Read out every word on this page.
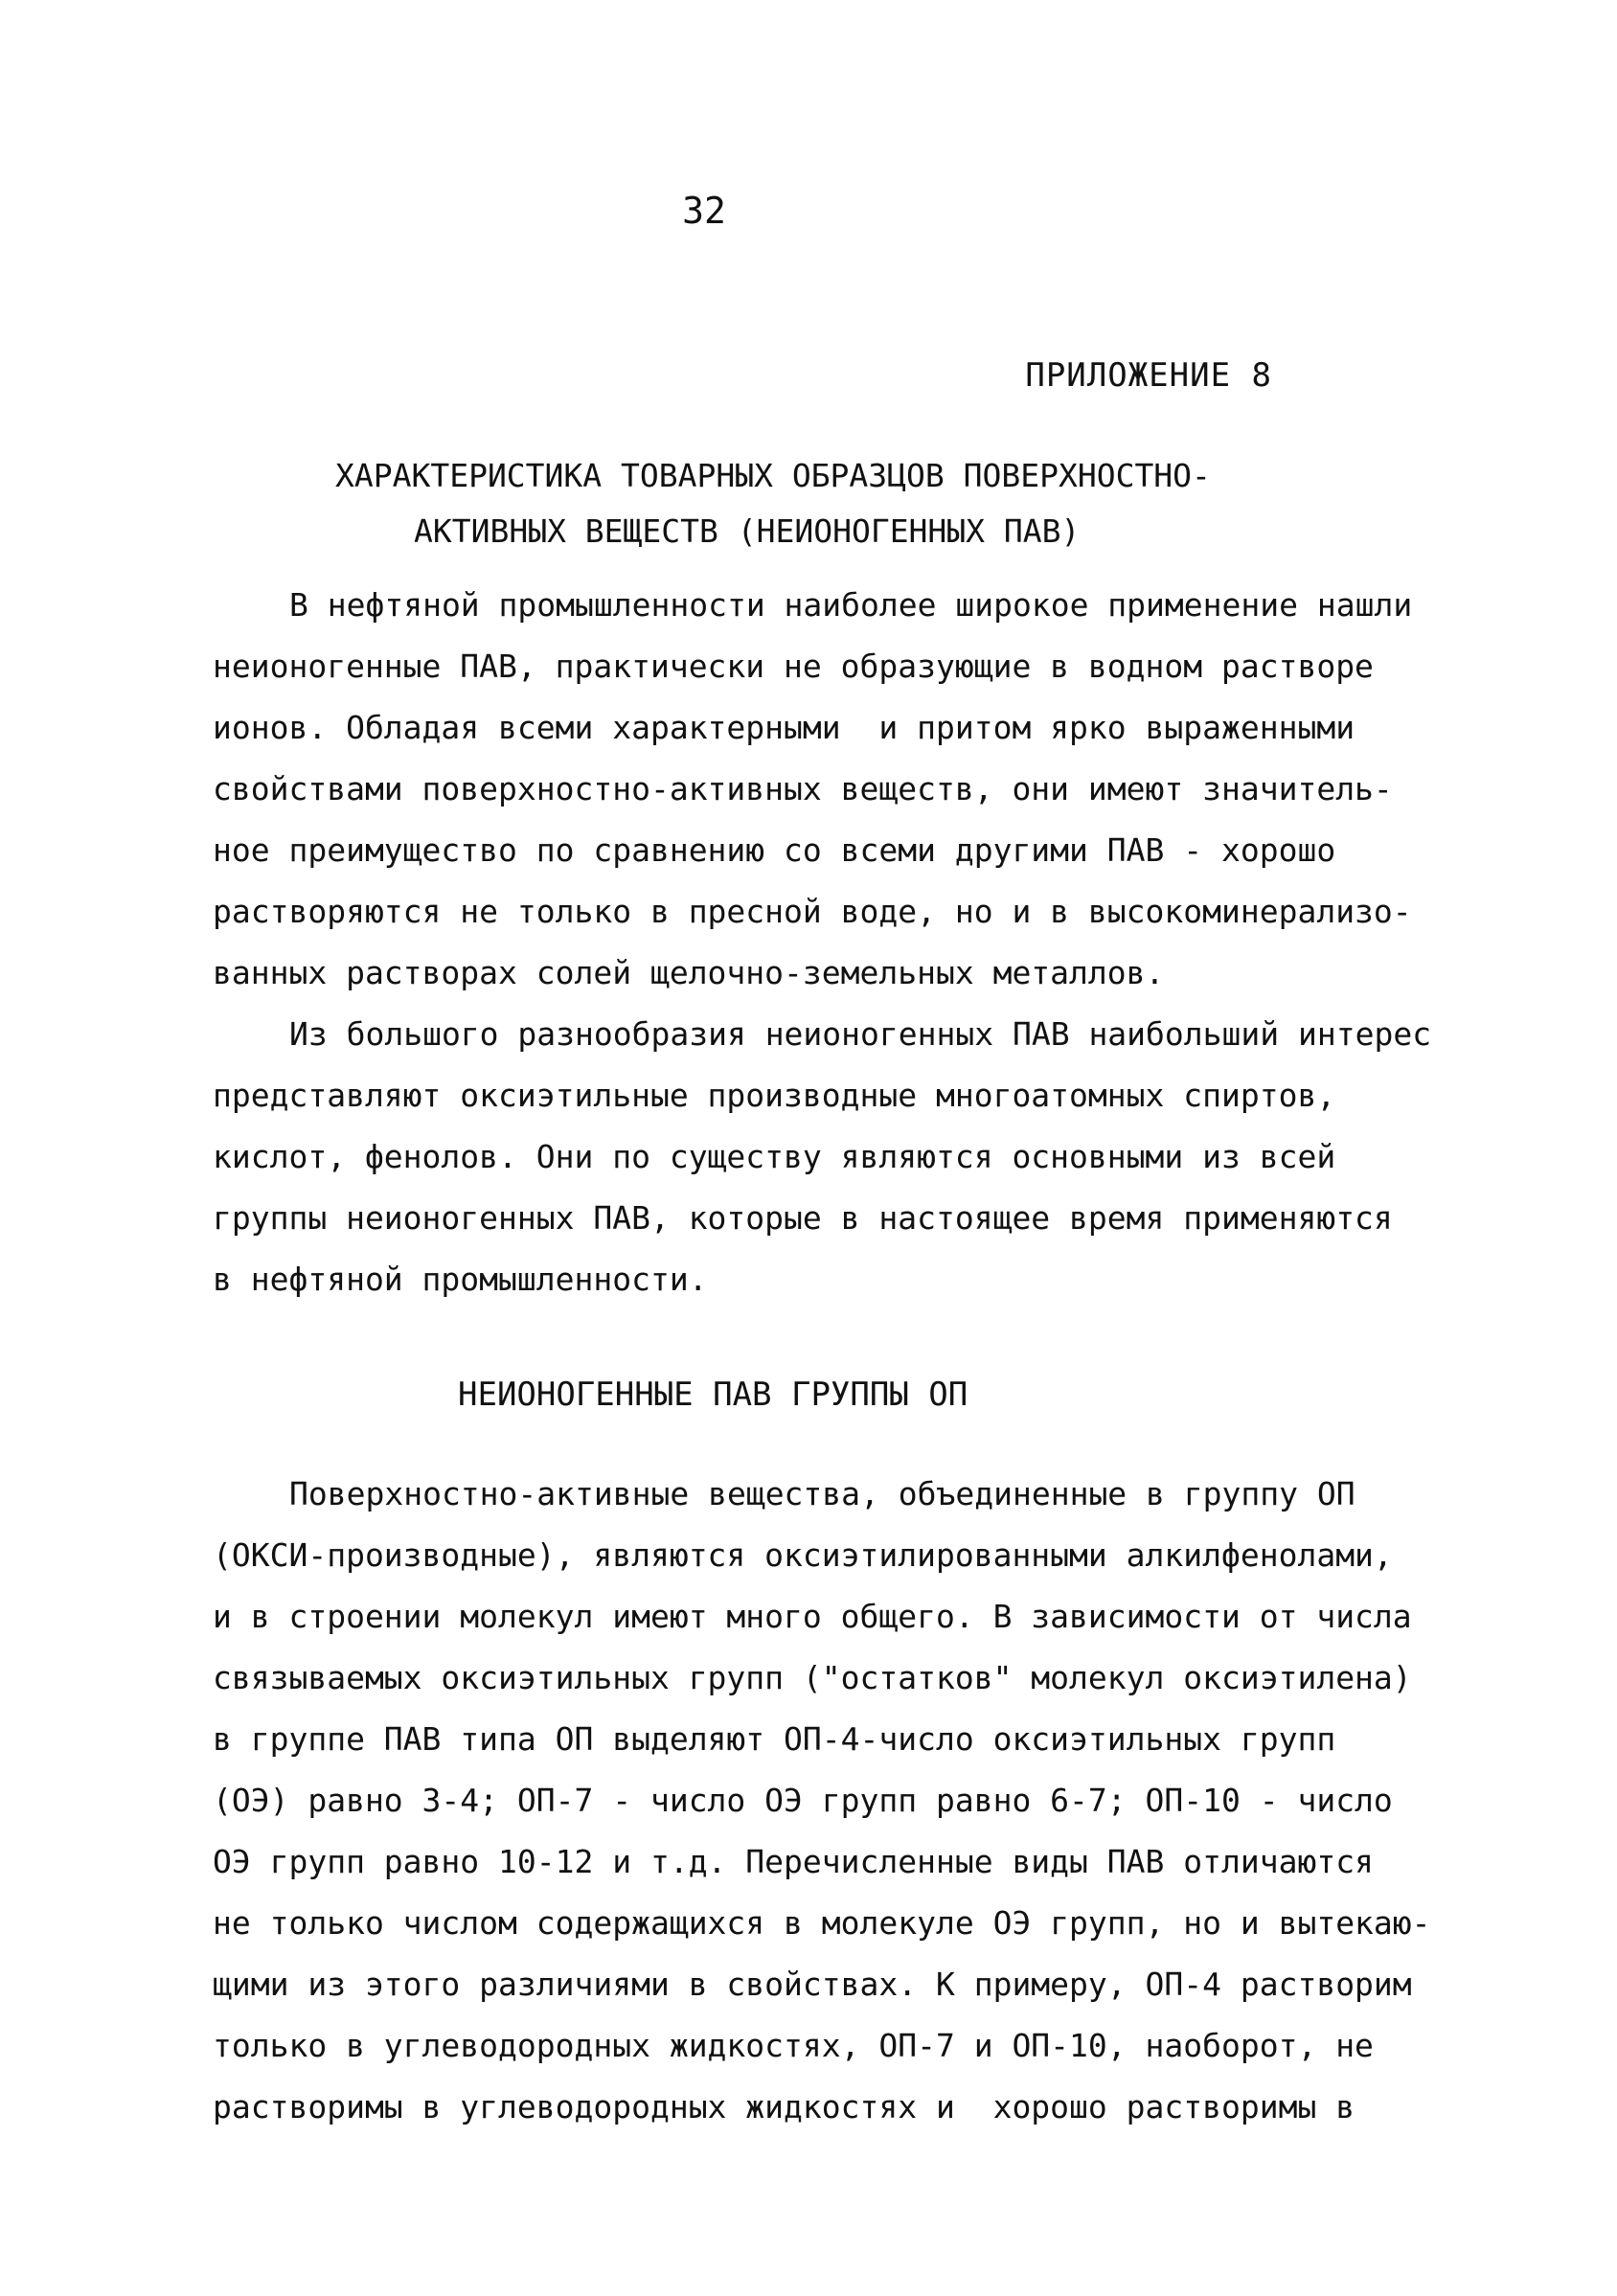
32
ПРИЛОЖЕНИЕ 8
ХАРАКТЕРИСТИКА ТОВАРНЫХ ОБРАЗЦОВ ПОВЕРХНОСТНО-
АКТИВНЫХ ВЕЩЕСТВ (НЕИОНОГЕННЫХ ПАВ)
В нефтяной промышленности наиболее широкое применение нашли
неионогенные ПАВ, практически не образующие в водном растворе
ионов. Обладая всеми характерными  и притом ярко выраженными
свойствами поверхностно-активных веществ, они имеют значитель-
ное преимущество по сравнению со всеми другими ПАВ - хорошо
растворяются не только в пресной воде, но и в высокоминерализо-
ванных растворах солей щелочно-земельных металлов.
Из большого разнообразия неионогенных ПАВ наибольший интерес
представляют оксиэтильные производные многоатомных спиртов,
кислот, фенолов. Они по существу являются основными из всей
группы неионогенных ПАВ, которые в настоящее время применяются
в нефтяной промышленности.
НЕИОНОГЕННЫЕ ПАВ ГРУППЫ ОП
Поверхностно-активные вещества, объединенные в группу ОП
(ОКСИ-производные), являются оксиэтилированными алкилфенолами,
и в строении молекул имеют много общего. В зависимости от числа
связываемых оксиэтильных групп ("остатков" молекул оксиэтилена)
в группе ПАВ типа ОП выделяют ОП-4-число оксиэтильных групп
(ОЭ) равно 3-4; ОП-7 - число ОЭ групп равно 6-7; ОП-10 - число
ОЭ групп равно 10-12 и т.д. Перечисленные виды ПАВ отличаются
не только числом содержащихся в молекуле ОЭ групп, но и вытекаю-
щими из этого различиями в свойствах. К примеру, ОП-4 растворим
только в углеводородных жидкостях, ОП-7 и ОП-10, наоборот, не
растворимы в углеводородных жидкостях и  хорошо растворимы в
